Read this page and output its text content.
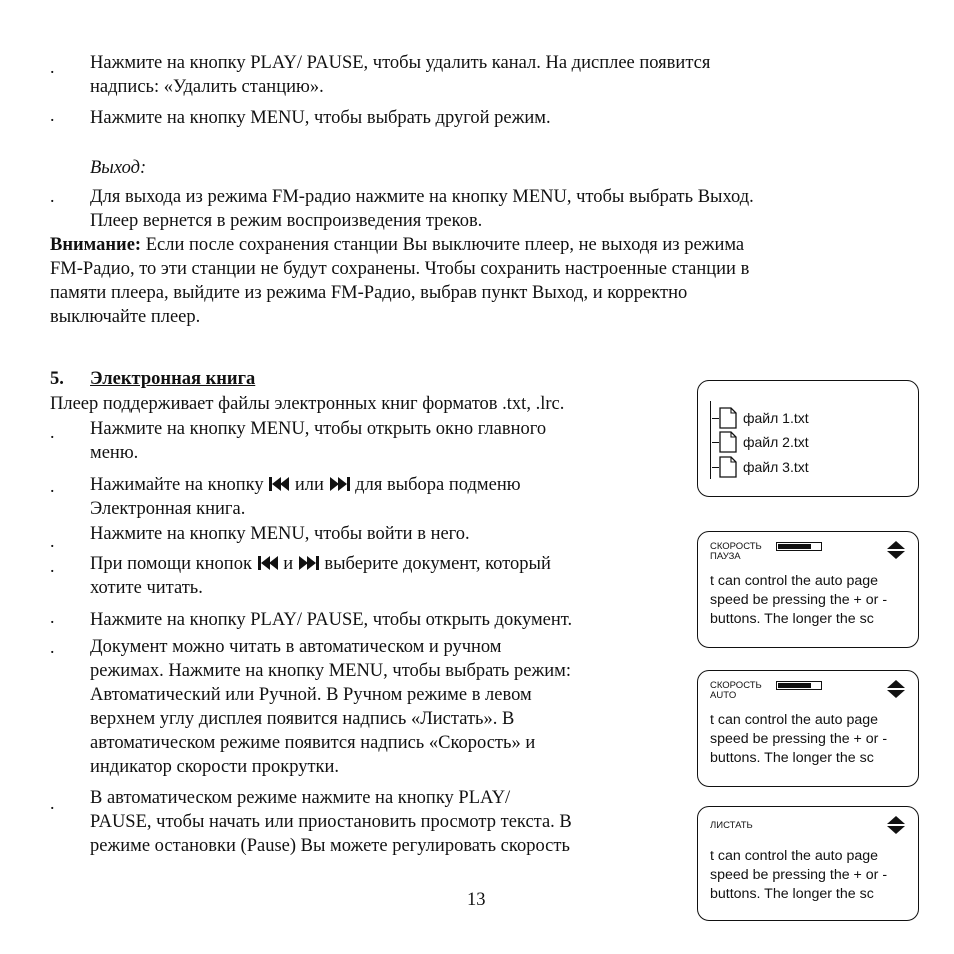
. Нажмите на кнопку PLAY/ PAUSE, чтобы удалить канал. На дисплее появится
надпись: «Удалить станцию».
. Нажмите на кнопку MENU, чтобы выбрать другой режим.
Выход:
. Для выхода из режима FM-радио нажмите на кнопку MENU, чтобы выбрать Выход.
Плеер вернется в режим воспроизведения треков.
Внимание: Если после сохранения станции Вы выключите плеер, не выходя из режима
FM-Радио, то эти станции не будут сохранены. Чтобы сохранить настроенные станции в
памяти плеера, выйдите из режима FM-Радио, выбрав пункт Выход, и корректно
выключайте плеер.
5. Электронная книга
Плеер поддерживает файлы электронных книг форматов .txt, .lrc.
. Нажмите на кнопку MENU, чтобы открыть окно главного
меню.
. Нажимайте на кнопку  или  для выбора подменю
Электронная книга.
. Нажмите на кнопку MENU, чтобы войти в него.
. При помощи кнопок  и  выберите документ, который
хотите читать.
. Нажмите на кнопку PLAY/ PAUSE, чтобы открыть документ.
. Документ можно читать в автоматическом и ручном
режимах. Нажмите на кнопку MENU, чтобы выбрать режим:
Автоматический или Ручной. В Ручном режиме в левом
верхнем углу дисплея появится надпись «Листать». В
автоматическом режиме появится надпись «Скорость» и
индикатор скорости прокрутки.
. В автоматическом режиме нажмите на кнопку PLAY/
PAUSE, чтобы начать или приостановить просмотр текста. В
режиме остановки (Pause) Вы можете регулировать скорость
13
файл 1.txt
файл 2.txt
файл 3.txt
СКОРОСТЬ
ПАУЗА
t can control the auto page
speed be pressing the + or -
buttons. The longer the sc
СКОРОСТЬ
AUTO
t can control the auto page
speed be pressing the + or -
buttons. The longer the sc
ЛИСТАТЬ
t can control the auto page
speed be pressing the + or -
buttons. The longer the sc
